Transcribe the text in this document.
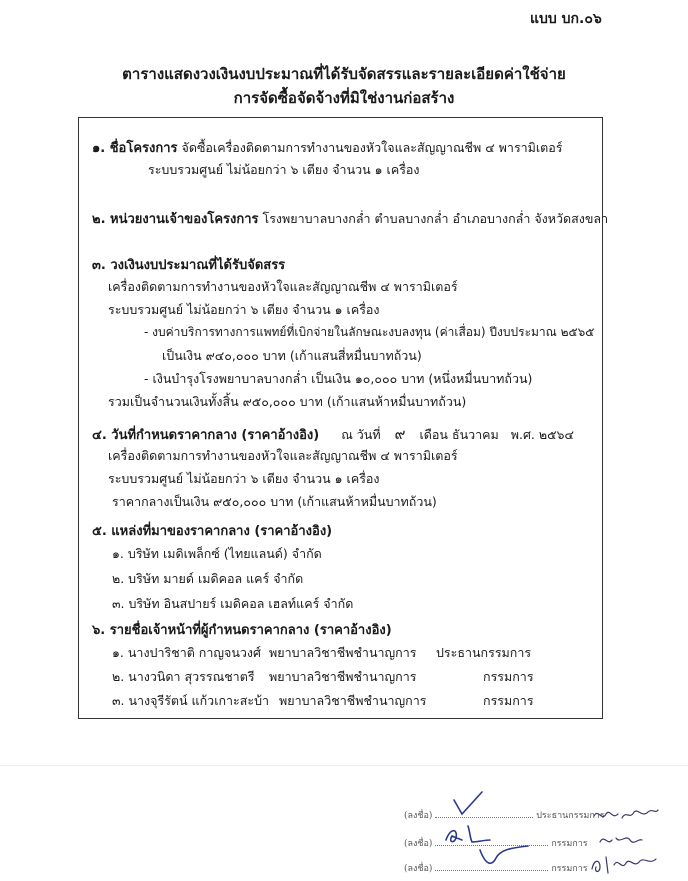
แบบ บก.๐๖
ตารางแสดงวงเงินงบประมาณที่ได้รับจัดสรรและรายละเอียดค่าใช้จ่าย
การจัดซื้อจัดจ้างที่มิใช่งานก่อสร้าง
๑. ชื่อโครงการ จัดซื้อเครื่องติดตามการทำงานของหัวใจและสัญญาณชีพ ๔ พารามิเตอร์
ระบบรวมศูนย์ ไม่น้อยกว่า ๖ เตียง จำนวน ๑ เครื่อง
๒. หน่วยงานเจ้าของโครงการ โรงพยาบาลบางกล่ำ ตำบลบางกล่ำ อำเภอบางกล่ำ จังหวัดสงขลา
๓. วงเงินงบประมาณที่ได้รับจัดสรร
เครื่องติดตามการทำงานของหัวใจและสัญญาณชีพ ๔ พารามิเตอร์
ระบบรวมศูนย์ ไม่น้อยกว่า ๖ เตียง จำนวน ๑ เครื่อง
- งบค่าบริการทางการแพทย์ที่เบิกจ่ายในลักษณะงบลงทุน (ค่าเสื่อม) ปีงบประมาณ ๒๕๖๕
เป็นเงิน ๙๔๐,๐๐๐ บาท (เก้าแสนสี่หมื่นบาทถ้วน)
- เงินบำรุงโรงพยาบาลบางกล่ำ เป็นเงิน ๑๐,๐๐๐ บาท (หนึ่งหมื่นบาทถ้วน)
รวมเป็นจำนวนเงินทั้งสิ้น ๙๕๐,๐๐๐ บาท (เก้าแสนห้าหมื่นบาทถ้วน)
๔. วันที่กำหนดราคากลาง (ราคาอ้างอิง) ณ วันที่ ๙ เดือน ธันวาคม พ.ศ. ๒๕๖๔
เครื่องติดตามการทำงานของหัวใจและสัญญาณชีพ ๔ พารามิเตอร์
ระบบรวมศูนย์ ไม่น้อยกว่า ๖ เตียง จำนวน ๑ เครื่อง
ราคากลางเป็นเงิน ๙๕๐,๐๐๐ บาท (เก้าแสนห้าหมื่นบาทถ้วน)
๕. แหล่งที่มาของราคากลาง (ราคาอ้างอิง)
๑. บริษัท เมดิเพล็กซ์ (ไทยแลนด์) จำกัด
๒. บริษัท มายด์ เมดิคอล แคร์ จำกัด
๓. บริษัท อินสปายร์ เมดิคอล เฮลท์แคร์ จำกัด
๖. รายชื่อเจ้าหน้าที่ผู้กำหนดราคากลาง (ราคาอ้างอิง)
๑. นางปาริชาติ กาญจนวงศ์ พยาบาลวิชาชีพชำนาญการ ประธานกรรมการ
๒. นางวนิดา สุวรรณชาตรี พยาบาลวิชาชีพชำนาญการ	กรรมการ
๓. นางจุรีรัตน์ แก้วเกาะสะบ้า พยาบาลวิชาชีพชำนาญการ	กรรมการ
(ลงชื่อ)	ประธานกรรมการ
(ลงชื่อ)	กรรมการ
(ลงชื่อ)	กรรมการ
